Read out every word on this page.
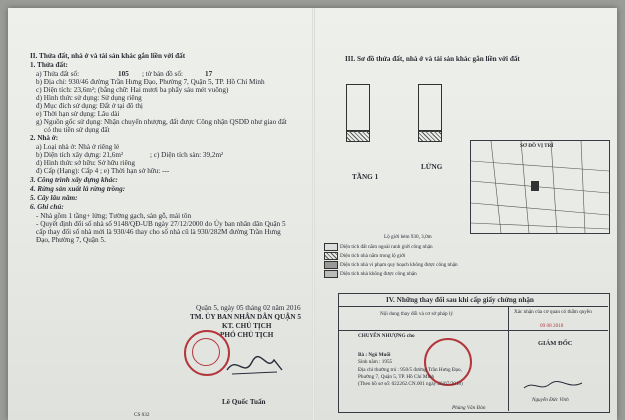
II. Thửa đất, nhà ở và tài sản khác gắn liền với đất
1. Thửa đất:
a) Thửa đất số:	105 ; tờ bản đồ số:	17
b) Địa chỉ: 930/46 đường Trần Hưng Đạo, Phường 7, Quận 5, TP. Hồ Chí Minh
c) Diện tích: 23,6m²; (bằng chữ: Hai mươi ba phẩy sáu mét vuông)
d) Hình thức sử dụng: Sử dụng riêng
đ) Mục đích sử dụng: Đất ở tại đô thị
e) Thời hạn sử dụng: Lâu dài
g) Nguồn gốc sử dụng: Nhận chuyển nhượng, đất được Công nhận QSDĐ như giao đất
có thu tiền sử dụng đất
2. Nhà ở:
a) Loại nhà ở: Nhà ở riêng lẻ
b) Diện tích xây dựng: 21,6m²	; c) Diện tích sàn: 39,2m²
d) Hình thức sở hữu: Sở hữu riêng
đ) Cấp (Hạng): Cấp 4 ; e) Thời hạn sở hữu: ---
3. Công trình xây dựng khác:
4. Rừng sản xuất là rừng trồng:
5. Cây lâu năm:
6. Ghi chú:
- Nhà gồm 1 tầng+ lửng; Tường gạch, sàn gỗ, mái tôn
- Quyết định đổi số nhà số 9148/QĐ-UB ngày 27/12/2000 do Ủy ban nhân dân Quận 5
cấp thay đổi số nhà mới là 930/46 thay cho số nhà cũ là 930/282M đường Trần Hưng
Đạo, Phường 7, Quận 5.
Quận 5, ngày 05 tháng 02 năm 2016
TM. ỦY BAN NHÂN DÂN QUẬN 5
KT. CHỦ TỊCH
PHÓ CHỦ TỊCH
Lê Quốc Tuấn
CS 032
III. Sơ đồ thửa đất, nhà ở và tài sản khác gắn liền với đất
TẦNG 1
LỬNG
SƠ ĐỒ VỊ TRÍ
Lộ giới hẻm 930, 3,0m
Diện tích đất nằm ngoài ranh giới công nhận
Diện tích nhà nằm trong lộ giới
Diện tích nhà vi phạm quy hoạch không được công nhận
Diện tích nhà không được công nhận
IV. Những thay đổi sau khi cấp giấy chứng nhận
Nội dung thay đổi và cơ sở pháp lý	Xác nhận của cơ quan có thẩm quyền
CHUYỂN NHƯỢNG cho
Bà : Ngô Muối
Sinh năm : 1955
Địa chỉ thường trú : 950/5 đường Trần Hưng Đạo,
Phường 7, Quận 5, TP. Hồ Chí Minh
(Theo hồ sơ số: 022262.CN.001 ngày 26/07/2018)
09 08 2018
GIÁM ĐỐC
Nguyễn Đức Vinh
Phùng Văn Đàn
